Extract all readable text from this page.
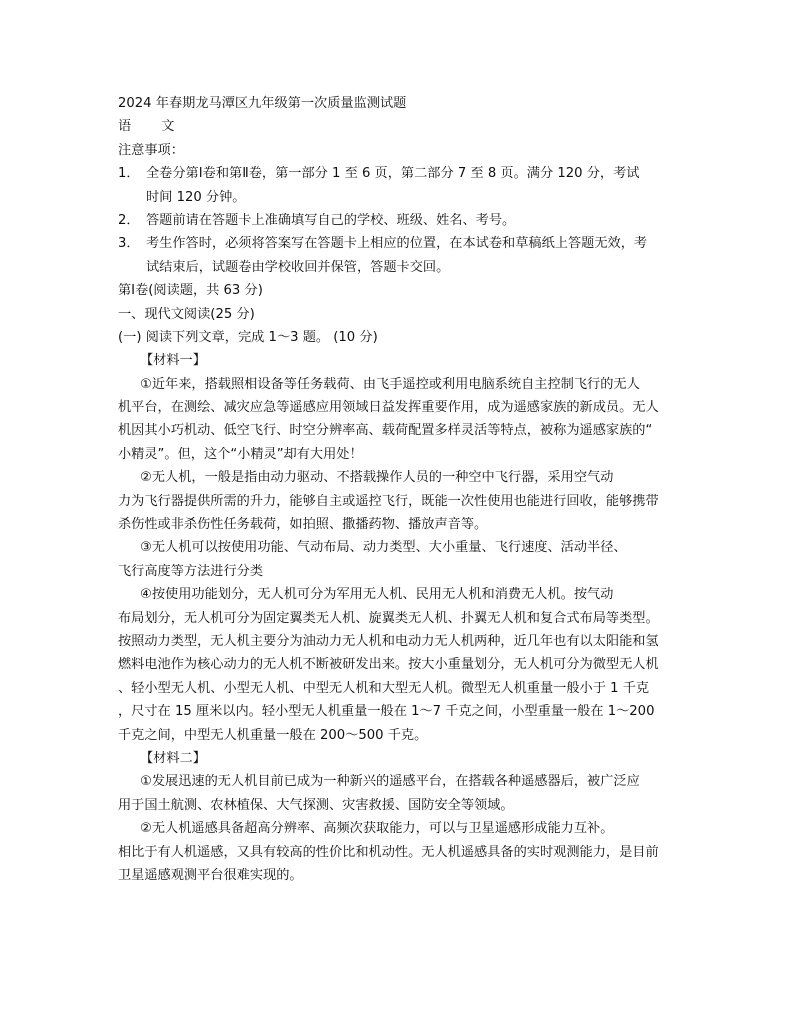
2024 年春期龙马潭区九年级第一次质量监测试题
语 文
注意事项：
1． 全卷分第Ⅰ卷和第Ⅱ卷，第一部分 1 至 6 页，第二部分 7 至 8 页。满分 120 分，考试
时间 120 分钟。
2． 答题前请在答题卡上准确填写自己的学校、班级、姓名、考号。
3． 考生作答时，必须将答案写在答题卡上相应的位置，在本试卷和草稿纸上答题无效，考
试结束后，试题卷由学校收回并保管，答题卡交回。
第Ⅰ卷(阅读题，共 63 分)
一、现代文阅读(25 分)
(一) 阅读下列文章，完成 1～3 题。 (10 分)
【材料一】
①近年来，搭载照相设备等任务载荷、由飞手遥控或利用电脑系统自主控制飞行的无人
机平台，在测绘、减灾应急等遥感应用领域日益发挥重要作用，成为遥感家族的新成员。无人
机因其小巧机动、低空飞行、时空分辨率高、载荷配置多样灵活等特点，被称为遥感家族的“
小精灵”。但，这个“小精灵”却有大用处！
②无人机，一般是指由动力驱动、不搭载操作人员的一种空中飞行器，采用空气动
力为飞行器提供所需的升力，能够自主或遥控飞行，既能一次性使用也能进行回收，能够携带
杀伤性或非杀伤性任务载荷，如拍照、撒播药物、播放声音等。
③无人机可以按使用功能、气动布局、动力类型、大小重量、飞行速度、活动半径、
飞行高度等方法进行分类
④按使用功能划分，无人机可分为军用无人机、民用无人机和消费无人机。按气动
布局划分，无人机可分为固定翼类无人机、旋翼类无人机、扑翼无人机和复合式布局等类型。
按照动力类型，无人机主要分为油动力无人机和电动力无人机两种，近几年也有以太阳能和氢
燃料电池作为核心动力的无人机不断被研发出来。按大小重量划分，无人机可分为微型无人机
、轻小型无人机、小型无人机、中型无人机和大型无人机。微型无人机重量一般小于 1 千克
，尺寸在 15 厘米以内。轻小型无人机重量一般在 1～7 千克之间，小型重量一般在 1～200
千克之间，中型无人机重量一般在 200～500 千克。
【材料二】
①发展迅速的无人机目前已成为一种新兴的遥感平台，在搭载各种遥感器后，被广泛应
用于国土航测、农林植保、大气探测、灾害救援、国防安全等领域。
②无人机遥感具备超高分辨率、高频次获取能力，可以与卫星遥感形成能力互补。
相比于有人机遥感，又具有较高的性价比和机动性。无人机遥感具备的实时观测能力，是目前
卫星遥感观测平台很难实现的。
